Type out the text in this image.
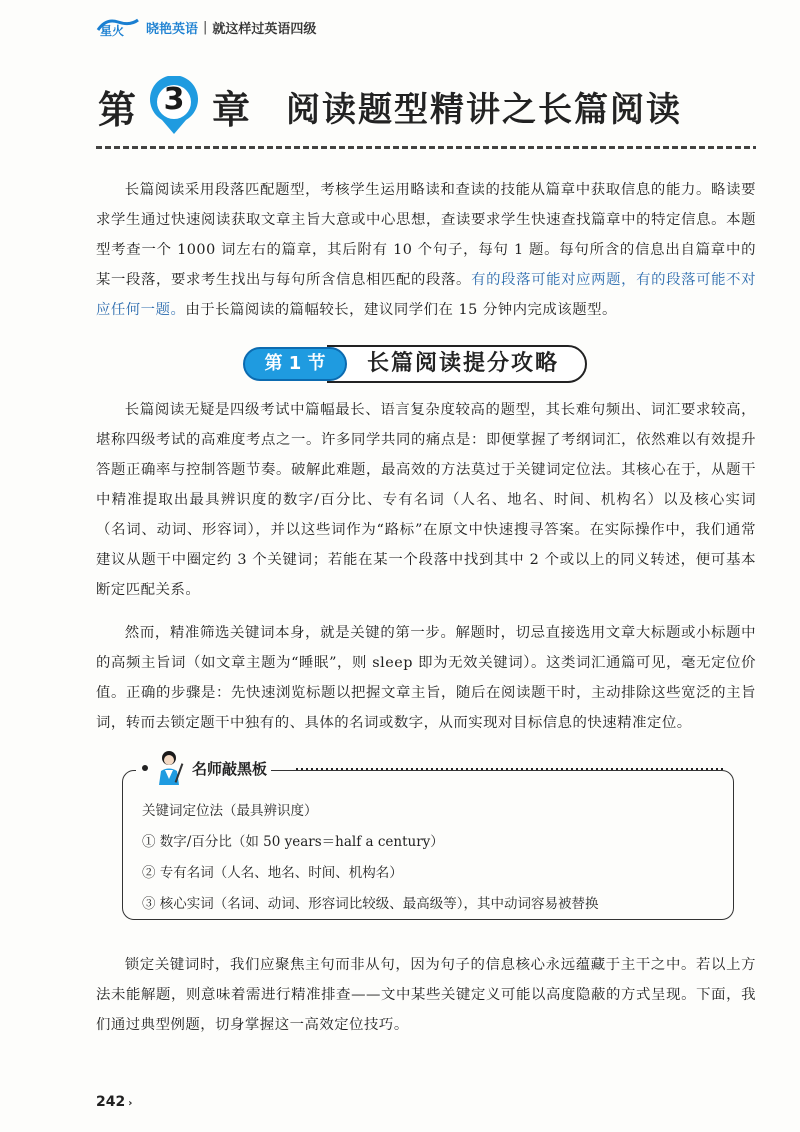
星火 晓艳英语 | 就这样过英语四级
第 3 章 阅读题型精讲之长篇阅读

长篇阅读采用段落匹配题型，考核学生运用略读和查读的技能从篇章中获取信息的能力。略读要求学生通过快速阅读获取文章主旨大意或中心思想，查读要求学生快速查找篇章中的特定信息。本题型考查一个 1000 词左右的篇章，其后附有 10 个句子，每句 1 题。每句所含的信息出自篇章中的某一段落，要求考生找出与每句所含信息相匹配的段落。有的段落可能对应两题，有的段落可能不对应任何一题。由于长篇阅读的篇幅较长，建议同学们在 15 分钟内完成该题型。

第 1 节	长篇阅读提分攻略

长篇阅读无疑是四级考试中篇幅最长、语言复杂度较高的题型，其长难句频出、词汇要求较高，堪称四级考试的高难度考点之一。许多同学共同的痛点是：即便掌握了考纲词汇，依然难以有效提升答题正确率与控制答题节奏。破解此难题，最高效的方法莫过于关键词定位法。其核心在于，从题干中精准提取出最具辨识度的数字/百分比、专有名词（人名、地名、时间、机构名）以及核心实词（名词、动词、形容词），并以这些词作为“路标”在原文中快速搜寻答案。在实际操作中，我们通常建议从题干中圈定约 3 个关键词；若能在某一个段落中找到其中 2 个或以上的同义转述，便可基本断定匹配关系。

然而，精准筛选关键词本身，就是关键的第一步。解题时，切忌直接选用文章大标题或小标题中的高频主旨词（如文章主题为“睡眠”，则 sleep 即为无效关键词）。这类词汇通篇可见，毫无定位价值。正确的步骤是：先快速浏览标题以把握文章主旨，随后在阅读题干时，主动排除这些宽泛的主旨词，转而去锁定题干中独有的、具体的名词或数字，从而实现对目标信息的快速精准定位。

名师敲黑板
关键词定位法（最具辨识度）
① 数字/百分比（如 50 years＝half a century）
② 专有名词（人名、地名、时间、机构名）
③ 核心实词（名词、动词、形容词比较级、最高级等），其中动词容易被替换

锁定关键词时，我们应聚焦主句而非从句，因为句子的信息核心永远蕴藏于主干之中。若以上方法未能解题，则意味着需进行精准排查——文中某些关键定义可能以高度隐蔽的方式呈现。下面，我们通过典型例题，切身掌握这一高效定位技巧。

242 ›
